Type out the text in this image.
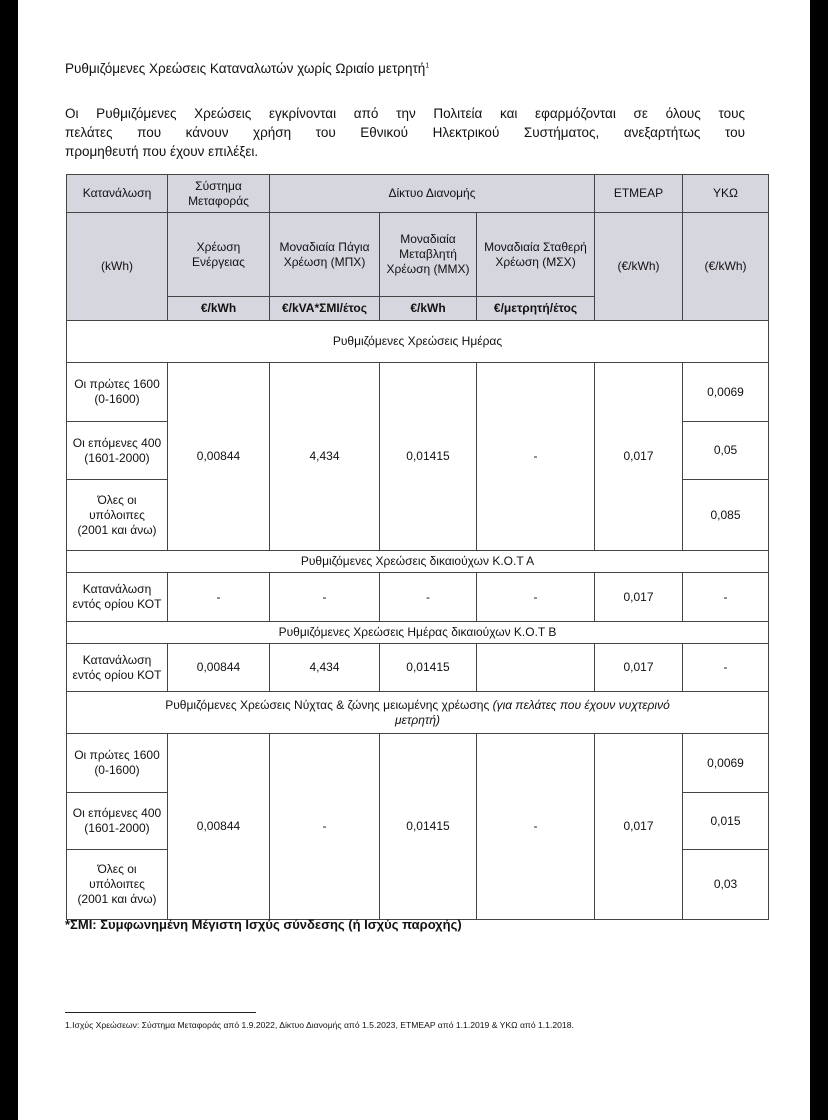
Ρυθμιζόμενες Χρεώσεις Καταναλωτών χωρίς Ωριαίο μετρητή$^1$
Οι Ρυθμιζόμενες Χρεώσεις εγκρίνονται από την Πολιτεία και εφαρμόζονται σε όλους τους
πελάτες που κάνουν χρήση του Εθνικού Ηλεκτρικού Συστήματος, ανεξαρτήτως του
προμηθευτή που έχουν επιλέξει.
Κατανάλωση	Σύστημα Μεταφοράς	Δίκτυο Διανομής			ΕΤΜΕΑΡ	ΥΚΩ
(kWh)	Χρέωση Ενέργειας	Μοναδιαία Πάγια Χρέωση (ΜΠΧ)	Μοναδιαία Μεταβλητή Χρέωση (ΜΜΧ)	Μοναδιαία Σταθερή Χρέωση (ΜΣΧ)	(€/kWh)	(€/kWh)
	€/kWh	€/kVA*ΣΜΙ/έτος	€/kWh	€/μετρητή/έτος		
Ρυθμιζόμενες Χρεώσεις Ημέρας						

Οι πρώτες 1600
(0-1600)	0,00844	4,434	0,01415	-	0,017	0,0069

Οι επόμενες 400
(1601-2000)						0,05

Όλες οι υπόλοιπες
(2001 και άνω)						0,085
Ρυθμιζόμενες Χρεώσεις δικαιούχων Κ.Ο.Τ Α						
Κατανάλωση εντός ορίου ΚΟΤ	-	-	-	-	0,017	-
Ρυθμιζόμενες Χρεώσεις Ημέρας δικαιούχων Κ.Ο.Τ Β						
Κατανάλωση εντός ορίου ΚΟΤ	0,00844	4,434	0,01415		0,017	-
Ρυθμιζόμενες Χρεώσεις Νύχτας & ζώνης μειωμένης χρέωσης (για πελάτες που έχουν νυχτερινό
μετρητή)						

Οι πρώτες 1600
(0-1600)	0,00844	-	0,01415	-	0,017	0,0069

Οι επόμενες 400
(1601-2000)						0,015

Όλες οι υπόλοιπες
(2001 και άνω)						0,03
*ΣΜΙ: Συμφωνημένη Μέγιστη Ισχύς σύνδεσης (ή Ισχύς παροχής)
1.Ισχύς Χρεώσεων: Σύστημα Μεταφοράς από 1.9.2022, Δίκτυο Διανομής από 1.5.2023, ΕΤΜΕΑΡ από 1.1.2019 & ΥΚΩ από 1.1.2018.
